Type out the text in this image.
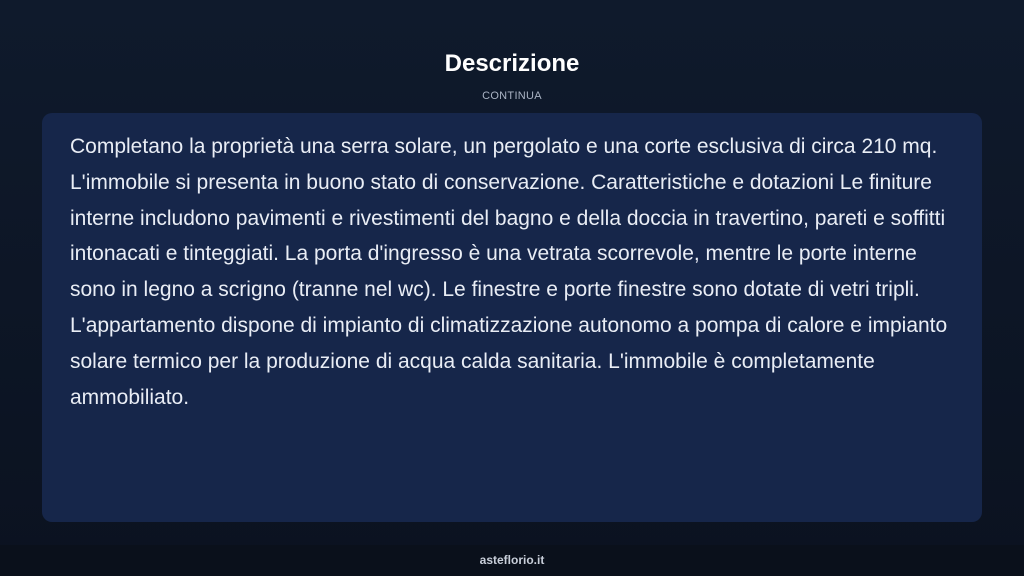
Descrizione
CONTINUA

Completano la proprietà una serra solare, un pergolato e una corte esclusiva di circa 210 mq. L'immobile si presenta in buono stato di conservazione. Caratteristiche e dotazioni Le finiture interne includono pavimenti e rivestimenti del bagno e della doccia in travertino, pareti e soffitti intonacati e tinteggiati. La porta d'ingresso è una vetrata scorrevole, mentre le porte interne sono in legno a scrigno (tranne nel wc). Le finestre e porte finestre sono dotate di vetri tripli. L'appartamento dispone di impianto di climatizzazione autonomo a pompa di calore e impianto solare termico per la produzione di acqua calda sanitaria. L'immobile è completamente ammobiliato.

asteflorio.it
